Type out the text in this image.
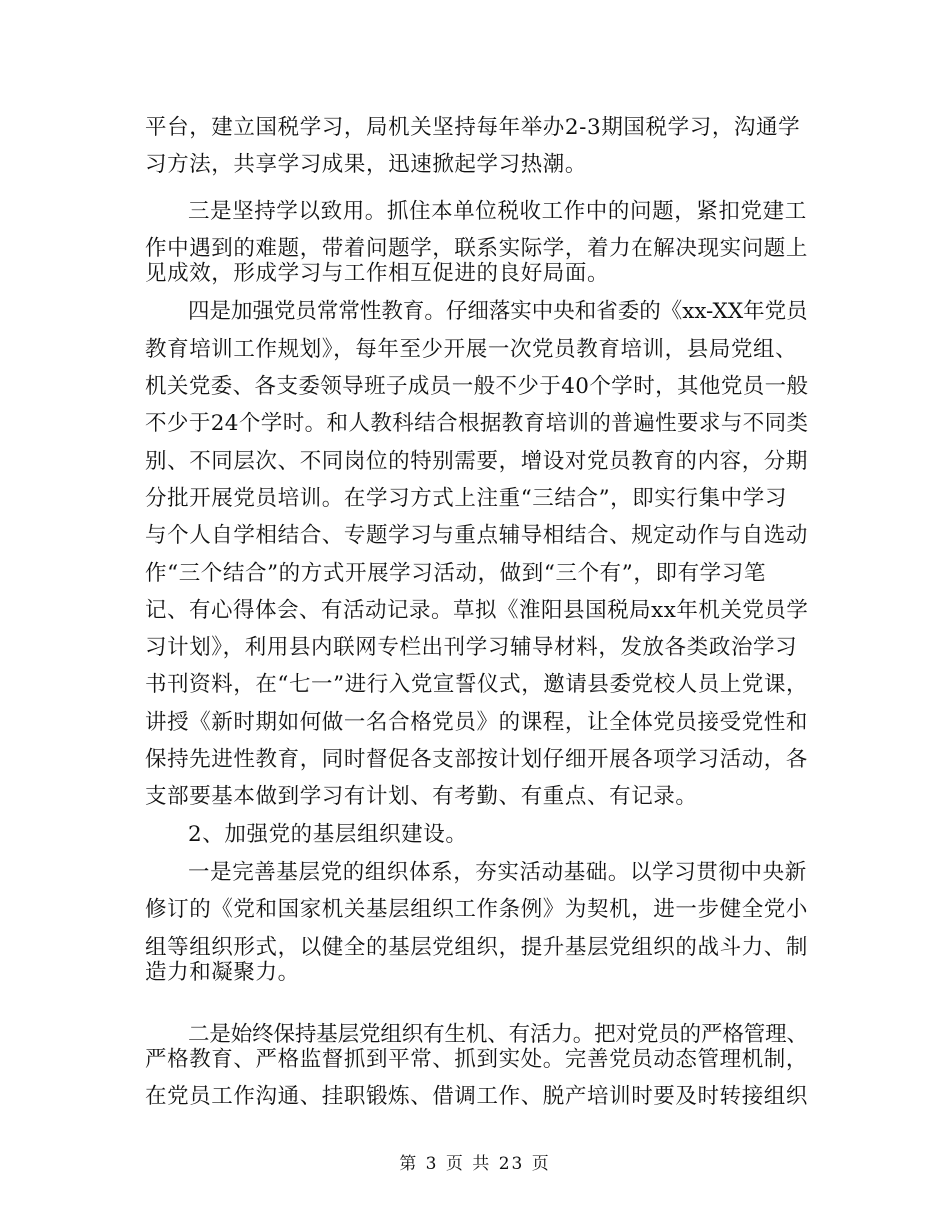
平台，建立国税学习，局机关坚持每年举办2-3期国税学习，沟通学
习方法，共享学习成果，迅速掀起学习热潮。
三是坚持学以致用。抓住本单位税收工作中的问题，紧扣党建工
作中遇到的难题，带着问题学，联系实际学，着力在解决现实问题上
见成效，形成学习与工作相互促进的良好局面。
四是加强党员常常性教育。仔细落实中央和省委的《xx-XX年党员
教育培训工作规划》，每年至少开展一次党员教育培训，县局党组、
机关党委、各支委领导班子成员一般不少于40个学时，其他党员一般
不少于24个学时。和人教科结合根据教育培训的普遍性要求与不同类
别、不同层次、不同岗位的特别需要，增设对党员教育的内容，分期
分批开展党员培训。在学习方式上注重“三结合”，即实行集中学习
与个人自学相结合、专题学习与重点辅导相结合、规定动作与自选动
作“三个结合”的方式开展学习活动，做到“三个有”，即有学习笔
记、有心得体会、有活动记录。草拟《淮阳县国税局xx年机关党员学
习计划》，利用县内联网专栏出刊学习辅导材料，发放各类政治学习
书刊资料，在“七一”进行入党宣誓仪式，邀请县委党校人员上党课，
讲授《新时期如何做一名合格党员》的课程，让全体党员接受党性和
保持先进性教育，同时督促各支部按计划仔细开展各项学习活动，各
支部要基本做到学习有计划、有考勤、有重点、有记录。
2、加强党的基层组织建设。
一是完善基层党的组织体系，夯实活动基础。以学习贯彻中央新
修订的《党和国家机关基层组织工作条例》为契机，进一步健全党小
组等组织形式，以健全的基层党组织，提升基层党组织的战斗力、制
造力和凝聚力。
二是始终保持基层党组织有生机、有活力。把对党员的严格管理、
严格教育、严格监督抓到平常、抓到实处。完善党员动态管理机制，
在党员工作沟通、挂职锻炼、借调工作、脱产培训时要及时转接组织
第 3 页 共 23 页
